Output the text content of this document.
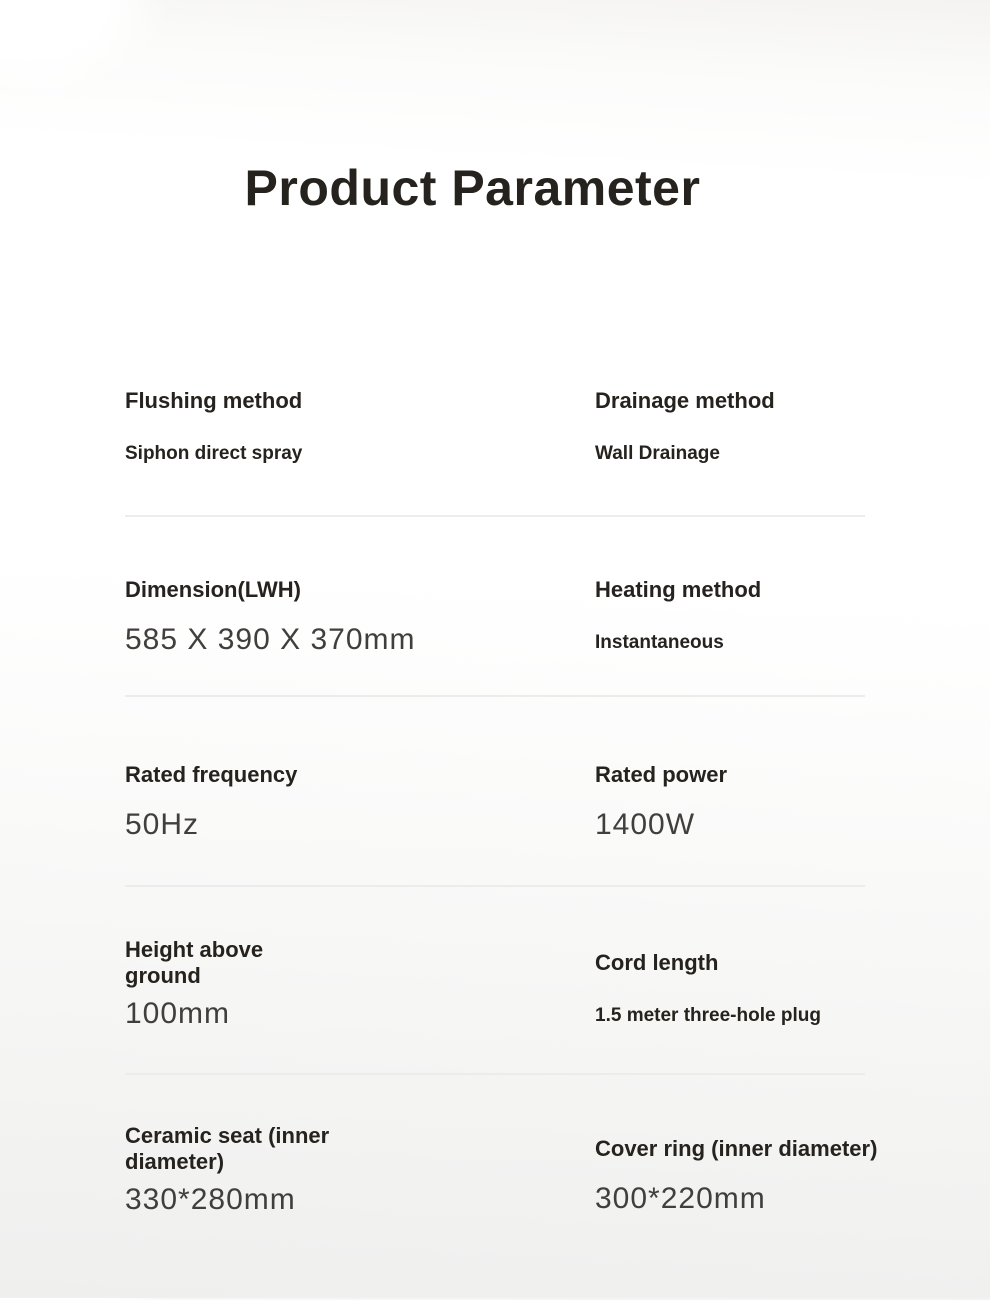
Product Parameter
Flushing method
Siphon direct spray
Drainage method
Wall Drainage
Dimension(LWH)
585 X 390 X 370mm
Heating method
Instantaneous
Rated frequency
50Hz
Rated power
1400W
Height above ground
100mm
Cord length
1.5 meter three-hole plug
Ceramic seat (inner diameter)
330*280mm
Cover ring (inner diameter)
300*220mm
